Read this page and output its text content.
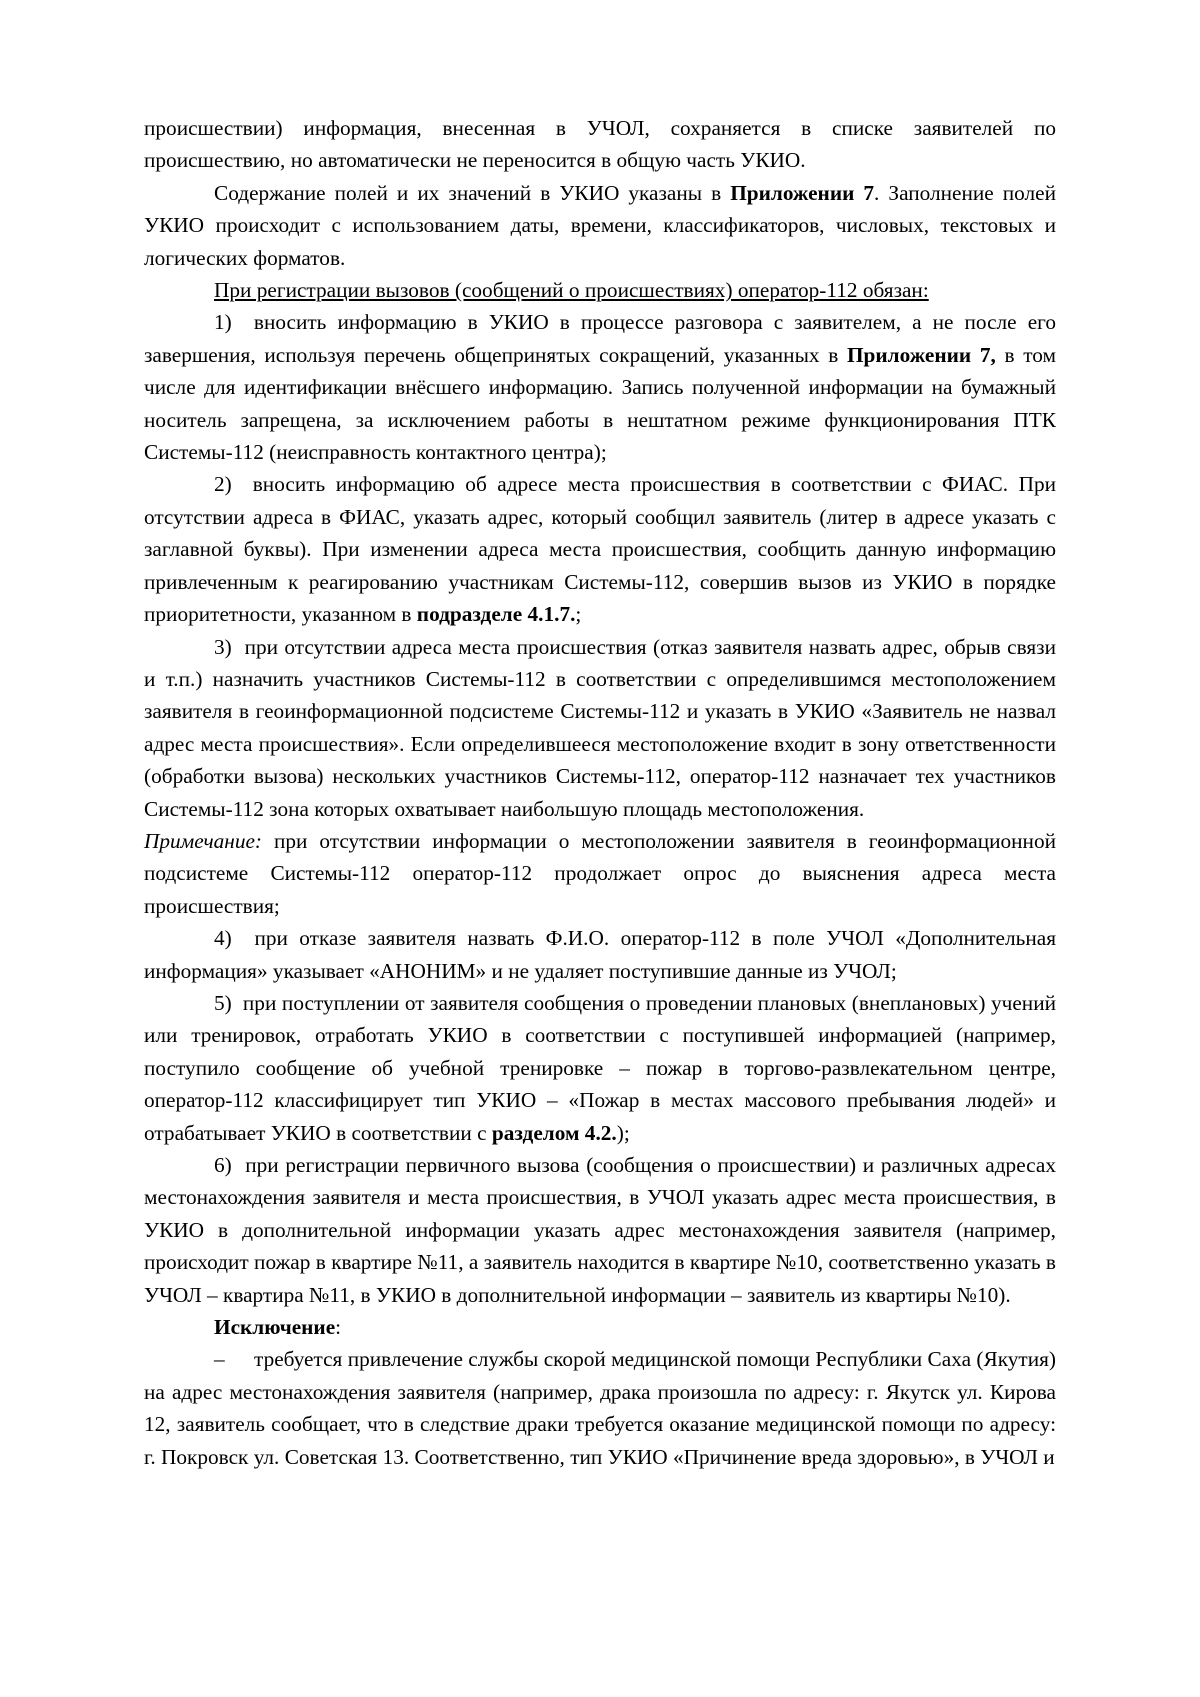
происшествии) информация, внесенная в УЧОЛ, сохраняется в списке заявителей по происшествию, но автоматически не переносится в общую часть УКИО.

Содержание полей и их значений в УКИО указаны в Приложении 7. Заполнение полей УКИО происходит с использованием даты, времени, классификаторов, числовых, текстовых и логических форматов.

При регистрации вызовов (сообщений о происшествиях) оператор-112 обязан:

1) вносить информацию в УКИО в процессе разговора с заявителем, а не после его завершения, используя перечень общепринятых сокращений, указанных в Приложении 7, в том числе для идентификации внёсшего информацию. Запись полученной информации на бумажный носитель запрещена, за исключением работы в нештатном режиме функционирования ПТК Системы-112 (неисправность контактного центра);

2) вносить информацию об адресе места происшествия в соответствии с ФИАС. При отсутствии адреса в ФИАС, указать адрес, который сообщил заявитель (литер в адресе указать с заглавной буквы). При изменении адреса места происшествия, сообщить данную информацию привлеченным к реагированию участникам Системы-112, совершив вызов из УКИО в порядке приоритетности, указанном в подразделе 4.1.7.;

3) при отсутствии адреса места происшествия (отказ заявителя назвать адрес, обрыв связи и т.п.) назначить участников Системы-112 в соответствии с определившимся местоположением заявителя в геоинформационной подсистеме Системы-112 и указать в УКИО «Заявитель не назвал адрес места происшествия». Если определившееся местоположение входит в зону ответственности (обработки вызова) нескольких участников Системы-112, оператор-112 назначает тех участников Системы-112 зона которых охватывает наибольшую площадь местоположения.

Примечание: при отсутствии информации о местоположении заявителя в геоинформационной подсистеме Системы-112 оператор-112 продолжает опрос до выяснения адреса места происшествия;

4) при отказе заявителя назвать Ф.И.О. оператор-112 в поле УЧОЛ «Дополнительная информация» указывает «АНОНИМ» и не удаляет поступившие данные из УЧОЛ;

5) при поступлении от заявителя сообщения о проведении плановых (внеплановых) учений или тренировок, отработать УКИО в соответствии с поступившей информацией (например, поступило сообщение об учебной тренировке – пожар в торгово-развлекательном центре, оператор-112 классифицирует тип УКИО – «Пожар в местах массового пребывания людей» и отрабатывает УКИО в соответствии с разделом 4.2.);

6) при регистрации первичного вызова (сообщения о происшествии) и различных адресах местонахождения заявителя и места происшествия, в УЧОЛ указать адрес места происшествия, в УКИО в дополнительной информации указать адрес местонахождения заявителя (например, происходит пожар в квартире №11, а заявитель находится в квартире №10, соответственно указать в УЧОЛ – квартира №11, в УКИО в дополнительной информации – заявитель из квартиры №10).

Исключение:

– требуется привлечение службы скорой медицинской помощи Республики Саха (Якутия) на адрес местонахождения заявителя (например, драка произошла по адресу: г. Якутск ул. Кирова 12, заявитель сообщает, что в следствие драки требуется оказание медицинской помощи по адресу: г. Покровск ул. Советская 13. Соответственно, тип УКИО «Причинение вреда здоровью», в УЧОЛ и
